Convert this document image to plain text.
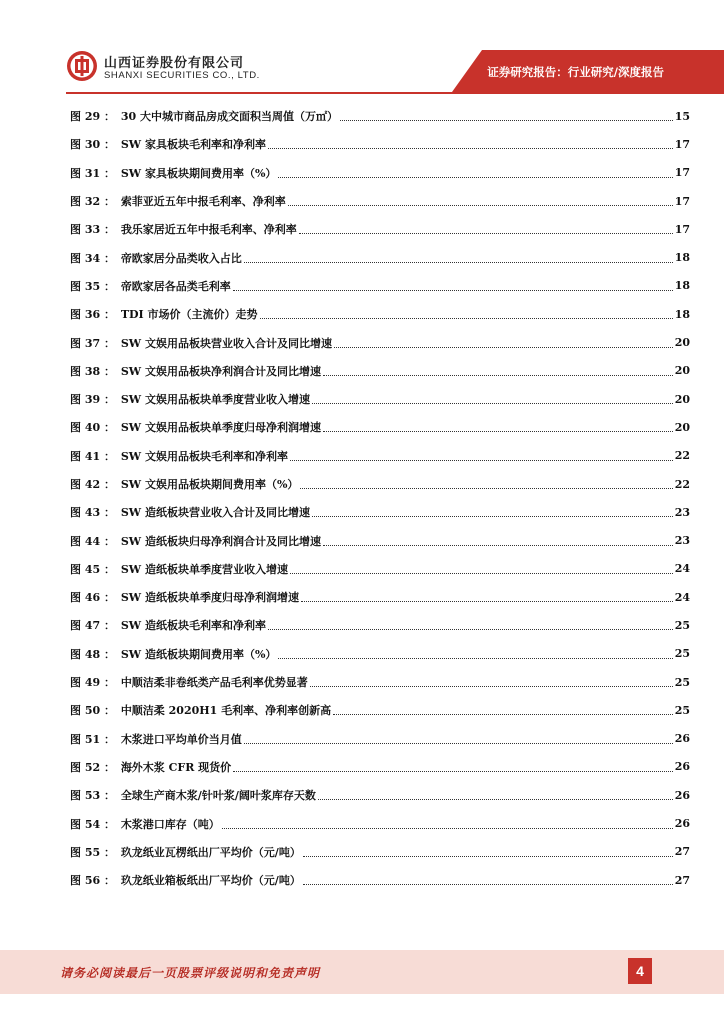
山西证券股份有限公司
SHANXI SECURITIES CO., LTD.	证券研究报告：行业研究/深度报告
图 29 ： 30 大中城市商品房成交面积当周值（万㎡）	15
图 30 ： SW 家具板块毛利率和净利率	17
图 31 ： SW 家具板块期间费用率（%）	17
图 32 ： 索菲亚近五年中报毛利率、净利率	17
图 33 ： 我乐家居近五年中报毛利率、净利率	17
图 34 ： 帝欧家居分品类收入占比	18
图 35 ： 帝欧家居各品类毛利率	18
图 36 ： TDI 市场价（主流价）走势	18
图 37 ： SW 文娱用品板块营业收入合计及同比增速	20
图 38 ： SW 文娱用品板块净利润合计及同比增速	20
图 39 ： SW 文娱用品板块单季度营业收入增速	20
图 40 ： SW 文娱用品板块单季度归母净利润增速	20
图 41 ： SW 文娱用品板块毛利率和净利率	22
图 42 ： SW 文娱用品板块期间费用率（%）	22
图 43 ： SW 造纸板块营业收入合计及同比增速	23
图 44 ： SW 造纸板块归母净利润合计及同比增速	23
图 45 ： SW 造纸板块单季度营业收入增速	24
图 46 ： SW 造纸板块单季度归母净利润增速	24
图 47 ： SW 造纸板块毛利率和净利率	25
图 48 ： SW 造纸板块期间费用率（%）	25
图 49 ： 中顺洁柔非卷纸类产品毛利率优势显著	25
图 50 ： 中顺洁柔 2020H1 毛利率、净利率创新高	25
图 51 ： 木浆进口平均单价当月值	26
图 52 ： 海外木浆 CFR 现货价	26
图 53 ： 全球生产商木浆/针叶浆/阔叶浆库存天数	26
图 54 ： 木浆港口库存（吨）	26
图 55 ： 玖龙纸业瓦楞纸出厂平均价（元/吨）	27
图 56 ： 玖龙纸业箱板纸出厂平均价（元/吨）	27
请务必阅读最后一页股票评级说明和免责声明	4
